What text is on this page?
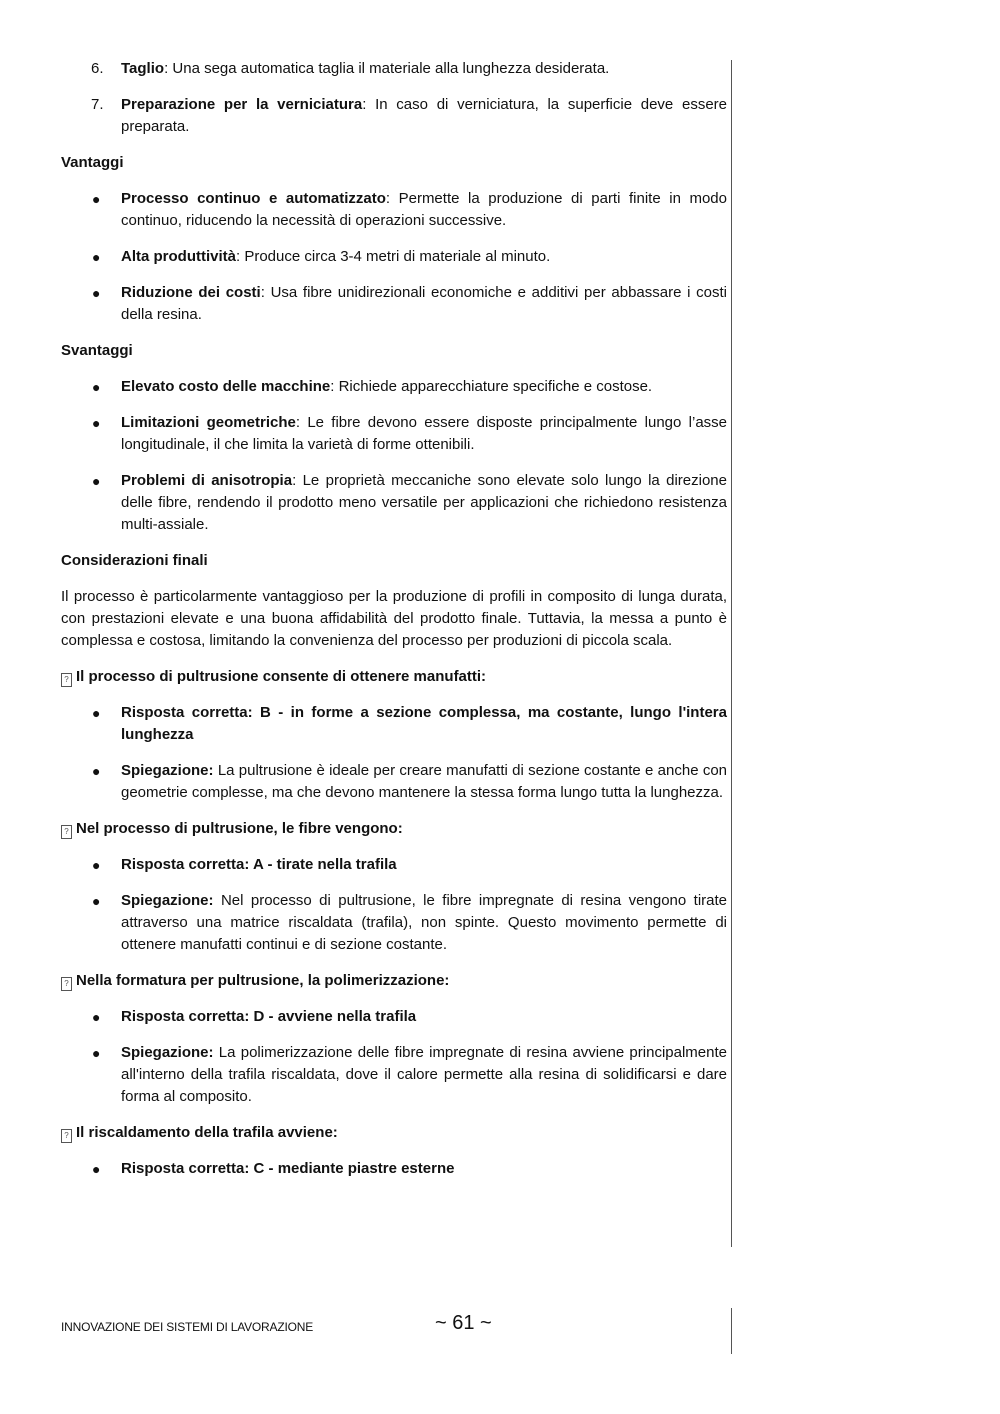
6. Taglio: Una sega automatica taglia il materiale alla lunghezza desiderata.
7. Preparazione per la verniciatura: In caso di verniciatura, la superficie deve essere preparata.
Vantaggi
● Processo continuo e automatizzato: Permette la produzione di parti finite in modo continuo, riducendo la necessità di operazioni successive.
● Alta produttività: Produce circa 3-4 metri di materiale al minuto.
● Riduzione dei costi: Usa fibre unidirezionali economiche e additivi per abbassare i costi della resina.
Svantaggi
● Elevato costo delle macchine: Richiede apparecchiature specifiche e costose.
● Limitazioni geometriche: Le fibre devono essere disposte principalmente lungo l’asse longitudinale, il che limita la varietà di forme ottenibili.
● Problemi di anisotropia: Le proprietà meccaniche sono elevate solo lungo la direzione delle fibre, rendendo il prodotto meno versatile per applicazioni che richiedono resistenza multi-assiale.
Considerazioni finali
Il processo è particolarmente vantaggioso per la produzione di profili in composito di lunga durata, con prestazioni elevate e una buona affidabilità del prodotto finale. Tuttavia, la messa a punto è complessa e costosa, limitando la convenienza del processo per produzioni di piccola scala.
? Il processo di pultrusione consente di ottenere manufatti:
● Risposta corretta: B - in forme a sezione complessa, ma costante, lungo l'intera lunghezza
● Spiegazione: La pultrusione è ideale per creare manufatti di sezione costante e anche con geometrie complesse, ma che devono mantenere la stessa forma lungo tutta la lunghezza.
? Nel processo di pultrusione, le fibre vengono:
● Risposta corretta: A - tirate nella trafila
● Spiegazione: Nel processo di pultrusione, le fibre impregnate di resina vengono tirate attraverso una matrice riscaldata (trafila), non spinte. Questo movimento permette di ottenere manufatti continui e di sezione costante.
? Nella formatura per pultrusione, la polimerizzazione:
● Risposta corretta: D - avviene nella trafila
● Spiegazione: La polimerizzazione delle fibre impregnate di resina avviene principalmente all'interno della trafila riscaldata, dove il calore permette alla resina di solidificarsi e dare forma al composito.
? Il riscaldamento della trafila avviene:
● Risposta corretta: C - mediante piastre esterne
INNOVAZIONE DEI SISTEMI DI LAVORAZIONE	~ 61 ~
